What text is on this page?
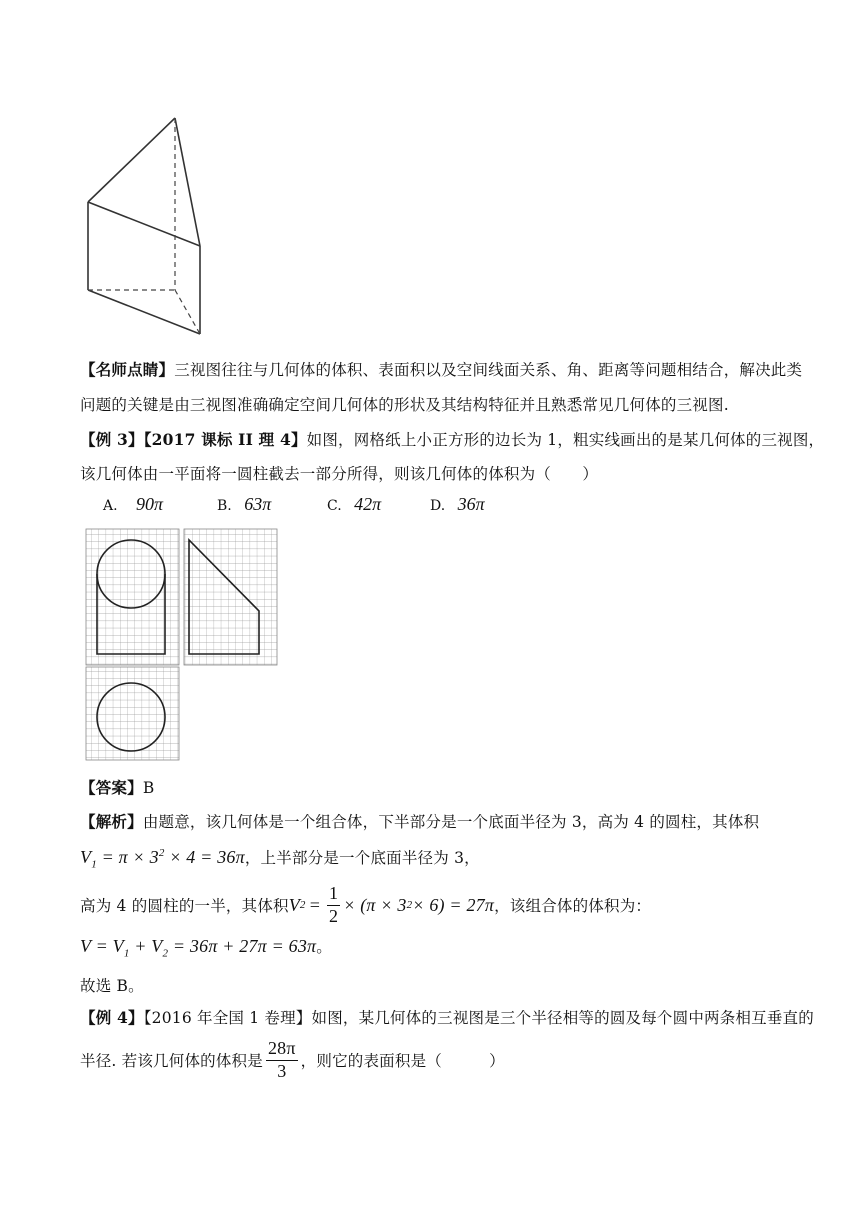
【名师点睛】三视图往往与几何体的体积、表面积以及空间线面关系、角、距离等问题相结合，解决此类
问题的关键是由三视图准确确定空间几何体的形状及其结构特征并且熟悉常见几何体的三视图.
【例 3】【2017 课标 II 理 4】如图，网格纸上小正方形的边长为 1，粗实线画出的是某几何体的三视图，
该几何体由一平面将一圆柱截去一部分所得，则该几何体的体积为（　　）
A. 90π	B. 63π	C. 42π	D. 36π
【答案】B
【解析】由题意，该几何体是一个组合体，下半部分是一个底面半径为 3，高为 4 的圆柱，其体积
$V_1 = \pi \times 3^2 \times 4 = 36\pi$，上半部分是一个底面半径为 3，
高为 4 的圆柱的一半，其体积 V $2 = \frac{1}{2} \times (\pi \times 3$ 2 × 6) = 27π ，该组合体的体积为：
$V = V_1 + V_2 = 36\pi + 27\pi = 63\pi$。
故选 B。
【例 4】【2016 年全国 1 卷理】如图，某几何体的三视图是三个半径相等的圆及每个圆中两条相互垂直的
半径. 若该几何体的体积是 $\frac{28\pi}{3}$ ，则它的表面积是（　　　）
